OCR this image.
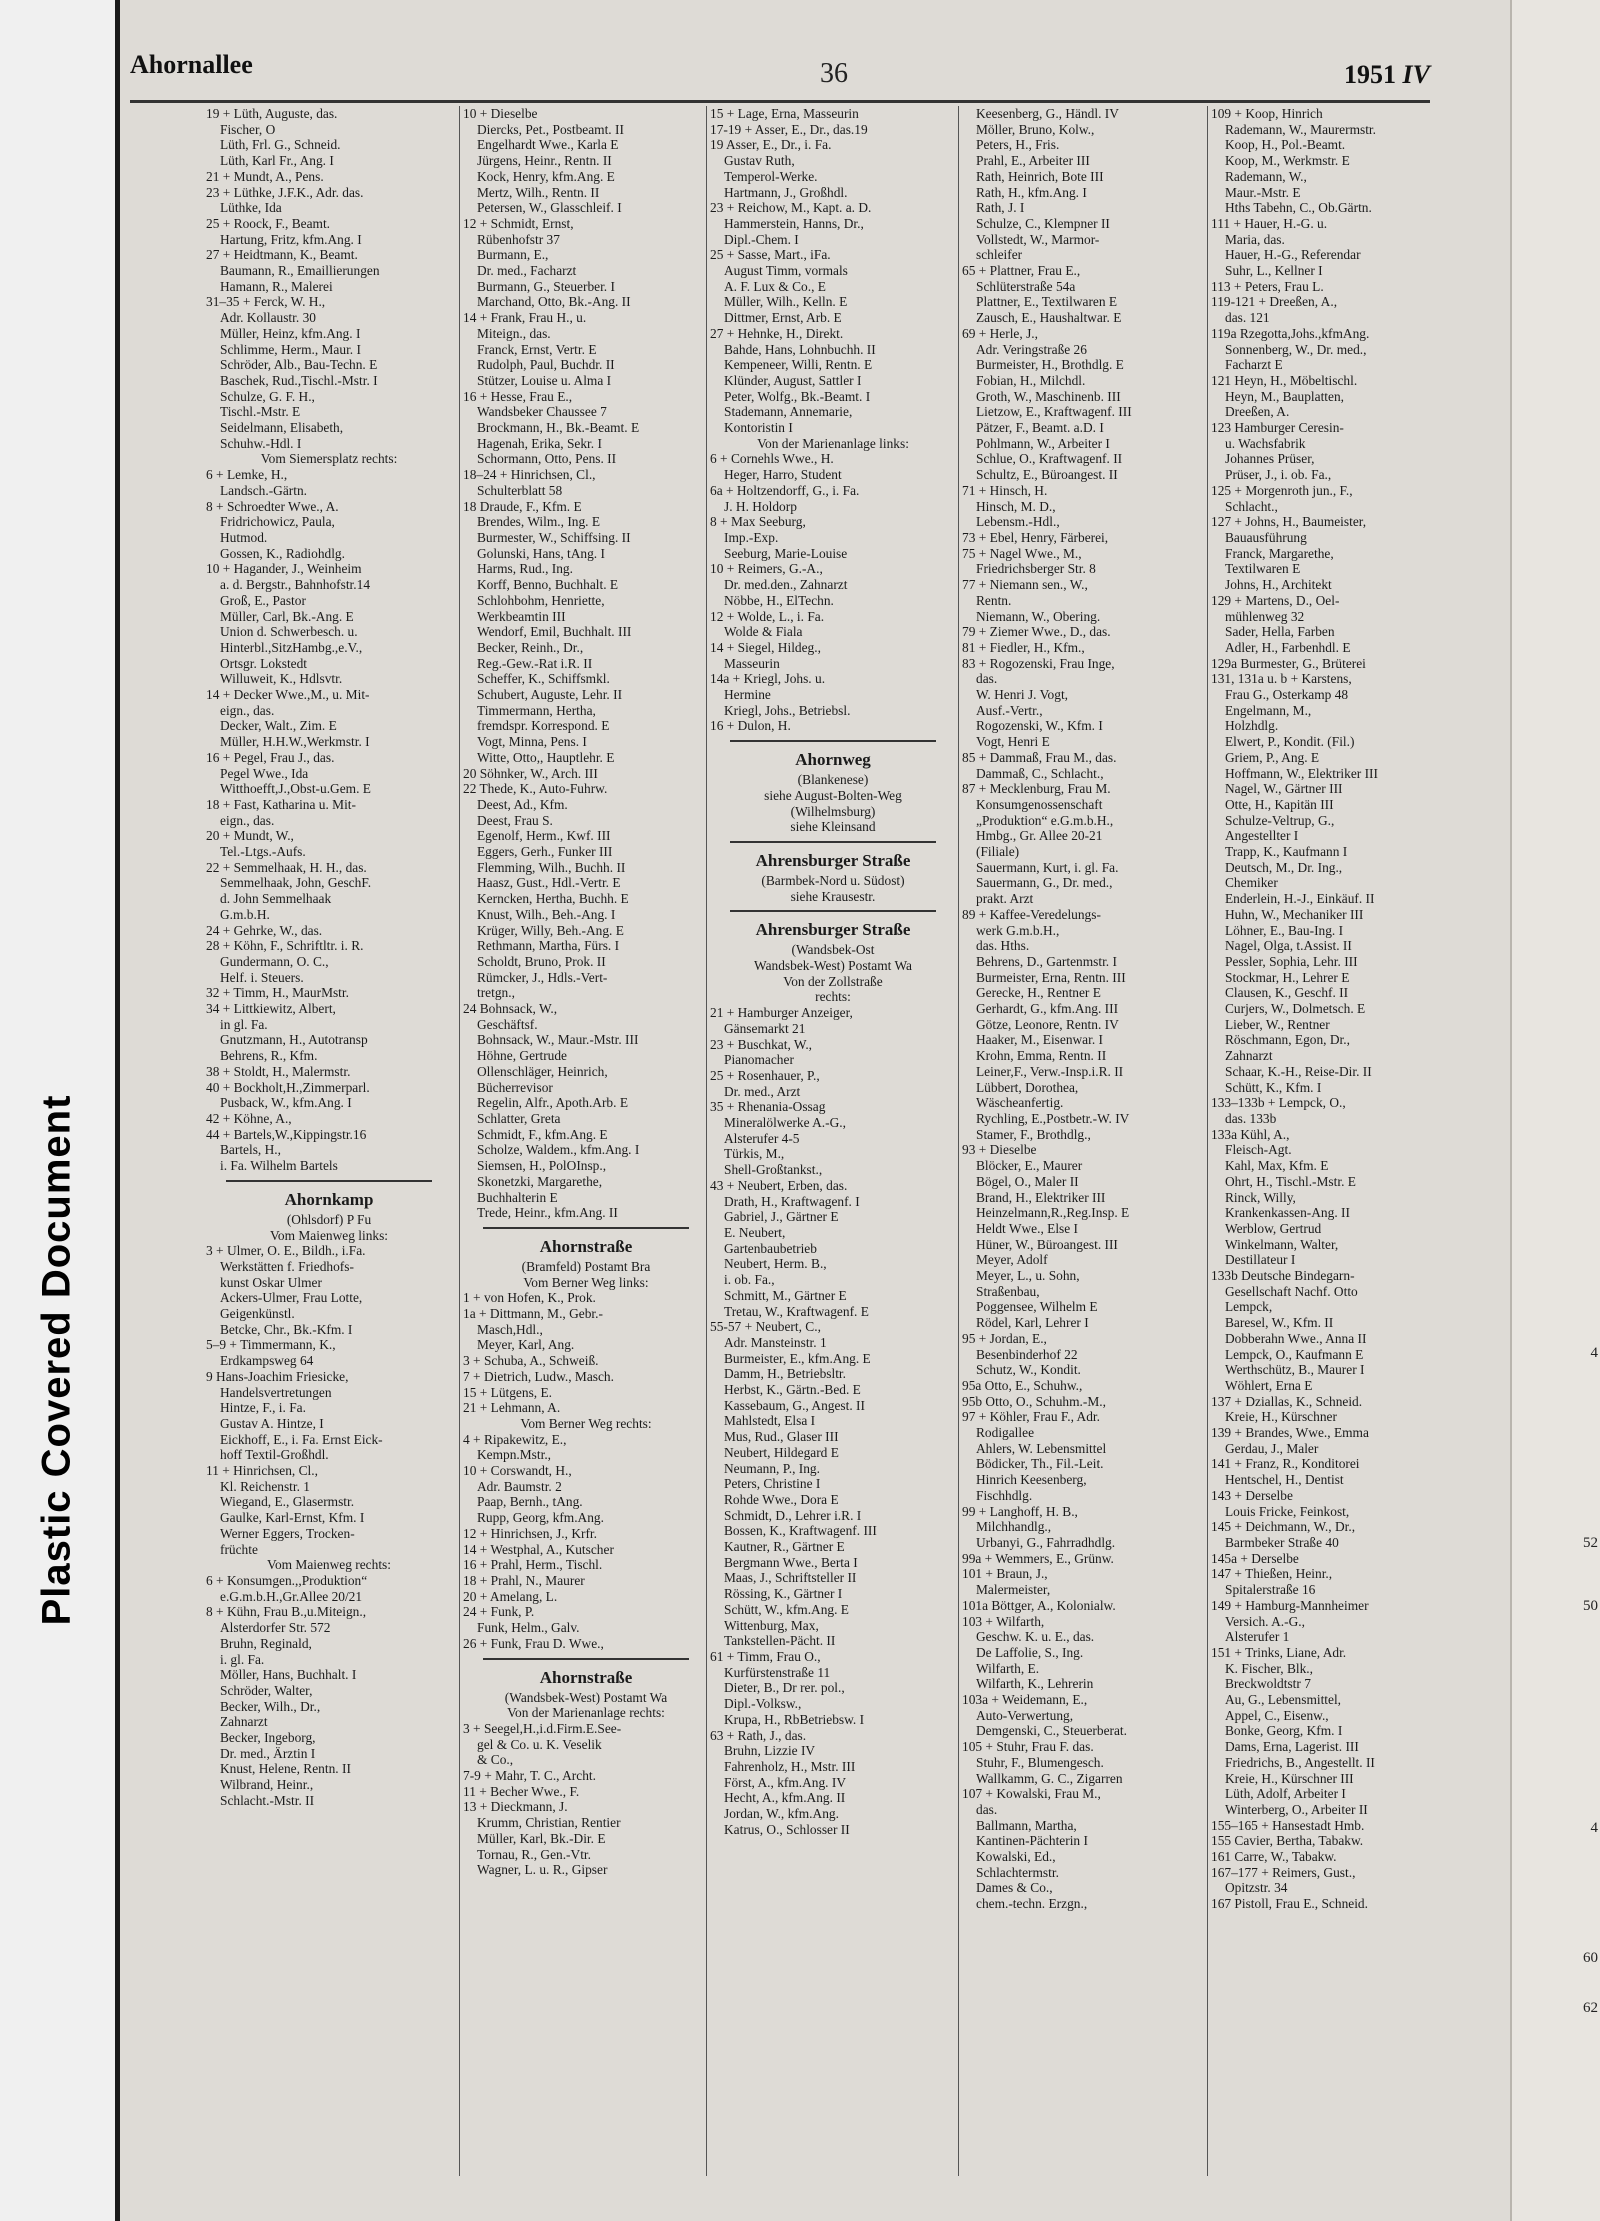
Plastic Covered Document	4
52
50
4
60
62
Ahornallee	36	1951 IV
19 + Lüth, Auguste, das.
Fischer, O
Lüth, Frl. G., Schneid.
Lüth, Karl Fr., Ang. I
21 + Mundt, A., Pens.
23 + Lüthke, J.F.K., Adr. das.
Lüthke, Ida
25 + Roock, F., Beamt.
Hartung, Fritz, kfm.Ang. I
27 + Heidtmann, K., Beamt.
Baumann, R., Emaillierungen
Hamann, R., Malerei
31–35 + Ferck, W. H.,
Adr. Kollaustr. 30
Müller, Heinz, kfm.Ang. I
Schlimme, Herm., Maur. I
Schröder, Alb., Bau-Techn. E
Baschek, Rud.,Tischl.-Mstr. I
Schulze, G. F. H.,
Tischl.-Mstr. E
Seidelmann, Elisabeth,
Schuhw.-Hdl. I
Vom Siemersplatz rechts:
6 + Lemke, H.,
Landsch.-Gärtn.
8 + Schroedter Wwe., A.
Fridrichowicz, Paula,
Hutmod.
Gossen, K., Radiohdlg.
10 + Hagander, J., Weinheim
a. d. Bergstr., Bahnhofstr.14
Groß, E., Pastor
Müller, Carl, Bk.-Ang. E
Union d. Schwerbesch. u.
Hinterbl.,SitzHambg.,e.V.,
Ortsgr. Lokstedt
Willuweit, K., Hdlsvtr.
14 + Decker Wwe.,M., u. Mit-
eign., das.
Decker, Walt., Zim. E
Müller, H.H.W.,Werkmstr. I
16 + Pegel, Frau J., das.
Pegel Wwe., Ida
Witthoefft,J.,Obst-u.Gem. E
18 + Fast, Katharina u. Mit-
eign., das.
20 + Mundt, W.,
Tel.-Ltgs.-Aufs.
22 + Semmelhaak, H. H., das.
Semmelhaak, John, GeschF.
d. John Semmelhaak
G.m.b.H.
24 + Gehrke, W., das.
28 + Köhn, F., Schriftltr. i. R.
Gundermann, O. C.,
Helf. i. Steuers.
32 + Timm, H., MaurMstr.
34 + Littkiewitz, Albert,
in gl. Fa.
Gnutzmann, H., Autotransp
Behrens, R., Kfm.
38 + Stoldt, H., Malermstr.
40 + Bockholt,H.,Zimmerparl.
Pusback, W., kfm.Ang. I
42 + Köhne, A.,
44 + Bartels,W.,Kippingstr.16
Bartels, H.,
i. Fa. Wilhelm Bartels
Ahornkamp
(Ohlsdorf) P Fu
Vom Maienweg links:
3 + Ulmer, O. E., Bildh., i.Fa.
Werkstätten f. Friedhofs-
kunst Oskar Ulmer
Ackers-Ulmer, Frau Lotte,
Geigenkünstl.
Betcke, Chr., Bk.-Kfm. I
5–9 + Timmermann, K.,
Erdkampsweg 64
9 Hans-Joachim Friesicke,
Handelsvertretungen
Hintze, F., i. Fa.
Gustav A. Hintze, I
Eickhoff, E., i. Fa. Ernst Eick-
hoff Textil-Großhdl.
11 + Hinrichsen, Cl.,
Kl. Reichenstr. 1
Wiegand, E., Glasermstr.
Gaulke, Karl-Ernst, Kfm. I
Werner Eggers, Trocken-
früchte
Vom Maienweg rechts:
6 + Konsumgen.,,Produktion“
e.G.m.b.H.,Gr.Allee 20/21
8 + Kühn, Frau B.,u.Miteign.,
Alsterdorfer Str. 572
Bruhn, Reginald,
i. gl. Fa.
Möller, Hans, Buchhalt. I
Schröder, Walter,
Becker, Wilh., Dr.,
Zahnarzt
Becker, Ingeborg,
Dr. med., Ärztin I
Knust, Helene, Rentn. II
Wilbrand, Heinr.,
Schlacht.-Mstr. II
10 + Dieselbe
Diercks, Pet., Postbeamt. II
Engelhardt Wwe., Karla E
Jürgens, Heinr., Rentn. II
Kock, Henry, kfm.Ang. E
Mertz, Wilh., Rentn. II
Petersen, W., Glasschleif. I
12 + Schmidt, Ernst,
Rübenhofstr 37
Burmann, E.,
Dr. med., Facharzt
Burmann, G., Steuerber. I
Marchand, Otto, Bk.-Ang. II
14 + Frank, Frau H., u.
Miteign., das.
Franck, Ernst, Vertr. E
Rudolph, Paul, Buchdr. II
Stützer, Louise u. Alma I
16 + Hesse, Frau E.,
Wandsbeker Chaussee 7
Brockmann, H., Bk.-Beamt. E
Hagenah, Erika, Sekr. I
Schormann, Otto, Pens. II
18–24 + Hinrichsen, Cl.,
Schulterblatt 58
18 Draude, F., Kfm. E
Brendes, Wilm., Ing. E
Burmester, W., Schiffsing. II
Golunski, Hans, tAng. I
Harms, Rud., Ing.
Korff, Benno, Buchhalt. E
Schlohbohm, Henriette,
Werkbeamtin III
Wendorf, Emil, Buchhalt. III
Becker, Reinh., Dr.,
Reg.-Gew.-Rat i.R. II
Scheffer, K., Schiffsmkl.
Schubert, Auguste, Lehr. II
Timmermann, Hertha,
fremdspr. Korrespond. E
Vogt, Minna, Pens. I
Witte, Otto,, Hauptlehr. E
20 Söhnker, W., Arch. III
22 Thede, K., Auto-Fuhrw.
Deest, Ad., Kfm.
Deest, Frau S.
Egenolf, Herm., Kwf. III
Eggers, Gerh., Funker III
Flemming, Wilh., Buchh. II
Haasz, Gust., Hdl.-Vertr. E
Kerncken, Hertha, Buchh. E
Knust, Wilh., Beh.-Ang. I
Krüger, Willy, Beh.-Ang. E
Rethmann, Martha, Fürs. I
Scholdt, Bruno, Prok. II
Rümcker, J., Hdls.-Vert-
tretgn.,
24 Bohnsack, W.,
Geschäftsf.
Bohnsack, W., Maur.-Mstr. III
Höhne, Gertrude
Ollenschläger, Heinrich,
Bücherrevisor
Regelin, Alfr., Apoth.Arb. E
Schlatter, Greta
Schmidt, F., kfm.Ang. E
Scholze, Waldem., kfm.Ang. I
Siemsen, H., PolOInsp.,
Skonetzki, Margarethe,
Buchhalterin E
Trede, Heinr., kfm.Ang. II
Ahornstraße
(Bramfeld) Postamt Bra
Vom Berner Weg links:
1 + von Hofen, K., Prok.
1a + Dittmann, M., Gebr.-
Masch,Hdl.,
Meyer, Karl, Ang.
3 + Schuba, A., Schweiß.
7 + Dietrich, Ludw., Masch.
15 + Lütgens, E.
21 + Lehmann, A.
Vom Berner Weg rechts:
4 + Ripakewitz, E.,
Kempn.Mstr.,
10 + Corswandt, H.,
Adr. Baumstr. 2
Paap, Bernh., tAng.
Rupp, Georg, kfm.Ang.
12 + Hinrichsen, J., Krfr.
14 + Westphal, A., Kutscher
16 + Prahl, Herm., Tischl.
18 + Prahl, N., Maurer
20 + Amelang, L.
24 + Funk, P.
Funk, Helm., Galv.
26 + Funk, Frau D. Wwe.,
Ahornstraße
(Wandsbek-West) Postamt Wa
Von der Marienanlage rechts:
3 + Seegel,H.,i.d.Firm.E.See-
gel & Co. u. K. Veselik
& Co.,
7-9 + Mahr, T. C., Archt.
11 + Becher Wwe., F.
13 + Dieckmann, J.
Krumm, Christian, Rentier
Müller, Karl, Bk.-Dir. E
Tornau, R., Gen.-Vtr.
Wagner, L. u. R., Gipser
15 + Lage, Erna, Masseurin
17-19 + Asser, E., Dr., das.19
19 Asser, E., Dr., i. Fa.
Gustav Ruth,
Temperol-Werke.
Hartmann, J., Großhdl.
23 + Reichow, M., Kapt. a. D.
Hammerstein, Hanns, Dr.,
Dipl.-Chem. I
25 + Sasse, Mart., iFa.
August Timm, vormals
A. F. Lux & Co., E
Müller, Wilh., Kelln. E
Dittmer, Ernst, Arb. E
27 + Hehnke, H., Direkt.
Bahde, Hans, Lohnbuchh. II
Kempeneer, Willi, Rentn. E
Klünder, August, Sattler I
Peter, Wolfg., Bk.-Beamt. I
Stademann, Annemarie,
Kontoristin I
Von der Marienanlage links:
6 + Cornehls Wwe., H.
Heger, Harro, Student
6a + Holtzendorff, G., i. Fa.
J. H. Holdorp
8 + Max Seeburg,
Imp.-Exp.
Seeburg, Marie-Louise
10 + Reimers, G.-A.,
Dr. med.den., Zahnarzt
Nöbbe, H., ElTechn.
12 + Wolde, L., i. Fa.
Wolde & Fiala
14 + Siegel, Hildeg.,
Masseurin
14a + Kriegl, Johs. u.
Hermine
Kriegl, Johs., Betriebsl.
16 + Dulon, H.
Ahornweg
(Blankenese)
siehe August-Bolten-Weg
(Wilhelmsburg)
siehe Kleinsand
Ahrensburger Straße
(Barmbek-Nord u. Südost)
siehe Krausestr.
Ahrensburger Straße
(Wandsbek-Ost
Wandsbek-West) Postamt Wa
Von der Zollstraße
rechts:
21 + Hamburger Anzeiger,
Gänsemarkt 21
23 + Buschkat, W.,
Pianomacher
25 + Rosenhauer, P.,
Dr. med., Arzt
35 + Rhenania-Ossag
Mineralölwerke A.-G.,
Alsterufer 4-5
Türkis, M.,
Shell-Großtankst.,
43 + Neubert, Erben, das.
Drath, H., Kraftwagenf. I
Gabriel, J., Gärtner E
E. Neubert,
Gartenbaubetrieb
Neubert, Herm. B.,
i. ob. Fa.,
Schmitt, M., Gärtner E
Tretau, W., Kraftwagenf. E
55-57 + Neubert, C.,
Adr. Mansteinstr. 1
Burmeister, E., kfm.Ang. E
Damm, H., Betriebsltr.
Herbst, K., Gärtn.-Bed. E
Kassebaum, G., Angest. II
Mahlstedt, Elsa I
Mus, Rud., Glaser III
Neubert, Hildegard E
Neumann, P., Ing.
Peters, Christine I
Rohde Wwe., Dora E
Schmidt, D., Lehrer i.R. I
Bossen, K., Kraftwagenf. III
Kautner, R., Gärtner E
Bergmann Wwe., Berta I
Maas, J., Schriftsteller II
Rössing, K., Gärtner I
Schütt, W., kfm.Ang. E
Wittenburg, Max,
Tankstellen-Pächt. II
61 + Timm, Frau O.,
Kurfürstenstraße 11
Dieter, B., Dr rer. pol.,
Dipl.-Volksw.,
Krupa, H., RbBetriebsw. I
63 + Rath, J., das.
Bruhn, Lizzie IV
Fahrenholz, H., Mstr. III
Först, A., kfm.Ang. IV
Hecht, A., kfm.Ang. II
Jordan, W., kfm.Ang.
Katrus, O., Schlosser II
Keesenberg, G., Händl. IV
Möller, Bruno, Kolw.,
Peters, H., Fris.
Prahl, E., Arbeiter III
Rath, Heinrich, Bote III
Rath, H., kfm.Ang. I
Rath, J. I
Schulze, C., Klempner II
Vollstedt, W., Marmor-
schleifer
65 + Plattner, Frau E.,
Schlüterstraße 54a
Plattner, E., Textilwaren E
Zausch, E., Haushaltwar. E
69 + Herle, J.,
Adr. Veringstraße 26
Burmeister, H., Brothdlg. E
Fobian, H., Milchdl.
Groth, W., Maschinenb. III
Lietzow, E., Kraftwagenf. III
Pätzer, F., Beamt. a.D. I
Pohlmann, W., Arbeiter I
Schlue, O., Kraftwagenf. II
Schultz, E., Büroangest. II
71 + Hinsch, H.
Hinsch, M. D.,
Lebensm.-Hdl.,
73 + Ebel, Henry, Färberei,
75 + Nagel Wwe., M.,
Friedrichsberger Str. 8
77 + Niemann sen., W.,
Rentn.
Niemann, W., Obering.
79 + Ziemer Wwe., D., das.
81 + Fiedler, H., Kfm.,
83 + Rogozenski, Frau Inge,
das.
W. Henri J. Vogt,
Ausf.-Vertr.,
Rogozenski, W., Kfm. I
Vogt, Henri E
85 + Dammaß, Frau M., das.
Dammaß, C., Schlacht.,
87 + Mecklenburg, Frau M.
Konsumgenossenschaft
„Produktion“ e.G.m.b.H.,
Hmbg., Gr. Allee 20-21
(Filiale)
Sauermann, Kurt, i. gl. Fa.
Sauermann, G., Dr. med.,
prakt. Arzt
89 + Kaffee-Veredelungs-
werk G.m.b.H.,
das. Hths.
Behrens, D., Gartenmstr. I
Burmeister, Erna, Rentn. III
Gerecke, H., Rentner E
Gerhardt, G., kfm.Ang. III
Götze, Leonore, Rentn. IV
Haaker, M., Eisenwar. I
Krohn, Emma, Rentn. II
Leiner,F., Verw.-Insp.i.R. II
Lübbert, Dorothea,
Wäscheanfertig.
Rychling, E.,Postbetr.-W. IV
Stamer, F., Brothdlg.,
93 + Dieselbe
Blöcker, E., Maurer
Bögel, O., Maler II
Brand, H., Elektriker III
Heinzelmann,R.,Reg.Insp. E
Heldt Wwe., Else I
Hüner, W., Büroangest. III
Meyer, Adolf
Meyer, L., u. Sohn,
Straßenbau,
Poggensee, Wilhelm E
Rödel, Karl, Lehrer I
95 + Jordan, E.,
Besenbinderhof 22
Schutz, W., Kondit.
95a Otto, E., Schuhw.,
95b Otto, O., Schuhm.-M.,
97 + Köhler, Frau F., Adr.
Rodigallee
Ahlers, W. Lebensmittel
Bödicker, Th., Fil.-Leit.
Hinrich Keesenberg,
Fischhdlg.
99 + Langhoff, H. B.,
Milchhandlg.,
Urbanyi, G., Fahrradhdlg.
99a + Wemmers, E., Grünw.
101 + Braun, J.,
Malermeister,
101a Böttger, A., Kolonialw.
103 + Wilfarth,
Geschw. K. u. E., das.
De Laffolie, S., Ing.
Wilfarth, E.
Wilfarth, K., Lehrerin
103a + Weidemann, E.,
Auto-Verwertung,
Demgenski, C., Steuerberat.
105 + Stuhr, Frau F. das.
Stuhr, F., Blumengesch.
Wallkamm, G. C., Zigarren
107 + Kowalski, Frau M.,
das.
Ballmann, Martha,
Kantinen-Pächterin I
Kowalski, Ed.,
Schlachtermstr.
Dames & Co.,
chem.-techn. Erzgn.,
109 + Koop, Hinrich
Rademann, W., Maurermstr.
Koop, H., Pol.-Beamt.
Koop, M., Werkmstr. E
Rademann, W.,
Maur.-Mstr. E
Hths Tabehn, C., Ob.Gärtn.
111 + Hauer, H.-G. u.
Maria, das.
Hauer, H.-G., Referendar
Suhr, L., Kellner I
113 + Peters, Frau L.
119-121 + Dreeßen, A.,
das. 121
119a Rzegotta,Johs.,kfmAng.
Sonnenberg, W., Dr. med.,
Facharzt E
121 Heyn, H., Möbeltischl.
Heyn, M., Bauplatten,
Dreeßen, A.
123 Hamburger Ceresin-
u. Wachsfabrik
Johannes Prüser,
Prüser, J., i. ob. Fa.,
125 + Morgenroth jun., F.,
Schlacht.,
127 + Johns, H., Baumeister,
Bauausführung
Franck, Margarethe,
Textilwaren E
Johns, H., Architekt
129 + Martens, D., Oel-
mühlenweg 32
Sader, Hella, Farben
Adler, H., Farbenhdl. E
129a Burmester, G., Brüterei
131, 131a u. b + Karstens,
Frau G., Osterkamp 48
Engelmann, M.,
Holzhdlg.
Elwert, P., Kondit. (Fil.)
Griem, P., Ang. E
Hoffmann, W., Elektriker III
Nagel, W., Gärtner III
Otte, H., Kapitän III
Schulze-Veltrup, G.,
Angestellter I
Trapp, K., Kaufmann I
Deutsch, M., Dr. Ing.,
Chemiker
Enderlein, H.-J., Einkäuf. II
Huhn, W., Mechaniker III
Löhner, E., Bau-Ing. I
Nagel, Olga, t.Assist. II
Pessler, Sophia, Lehr. III
Stockmar, H., Lehrer E
Clausen, K., Geschf. II
Curjers, W., Dolmetsch. E
Lieber, W., Rentner
Röschmann, Egon, Dr.,
Zahnarzt
Schaar, K.-H., Reise-Dir. II
Schütt, K., Kfm. I
133–133b + Lempck, O.,
das. 133b
133a Kühl, A.,
Fleisch-Agt.
Kahl, Max, Kfm. E
Ohrt, H., Tischl.-Mstr. E
Rinck, Willy,
Krankenkassen-Ang. II
Werblow, Gertrud
Winkelmann, Walter,
Destillateur I
133b Deutsche Bindegarn-
Gesellschaft Nachf. Otto
Lempck,
Baresel, W., Kfm. II
Dobberahn Wwe., Anna II
Lempck, O., Kaufmann E
Werthschütz, B., Maurer I
Wöhlert, Erna E
137 + Dziallas, K., Schneid.
Kreie, H., Kürschner
139 + Brandes, Wwe., Emma
Gerdau, J., Maler
141 + Franz, R., Konditorei
Hentschel, H., Dentist
143 + Derselbe
Louis Fricke, Feinkost,
145 + Deichmann, W., Dr.,
Barmbeker Straße 40
145a + Derselbe
147 + Thießen, Heinr.,
Spitalerstraße 16
149 + Hamburg-Mannheimer
Versich. A.-G.,
Alsterufer 1
151 + Trinks, Liane, Adr.
K. Fischer, Blk.,
Breckwoldtstr 7
Au, G., Lebensmittel,
Appel, C., Eisenw.,
Bonke, Georg, Kfm. I
Dams, Erna, Lagerist. III
Friedrichs, B., Angestellt. II
Kreie, H., Kürschner III
Lüth, Adolf, Arbeiter I
Winterberg, O., Arbeiter II
155–165 + Hansestadt Hmb.
155 Cavier, Bertha, Tabakw.
161 Carre, W., Tabakw.
167–177 + Reimers, Gust.,
Opitzstr. 34
167 Pistoll, Frau E., Schneid.
